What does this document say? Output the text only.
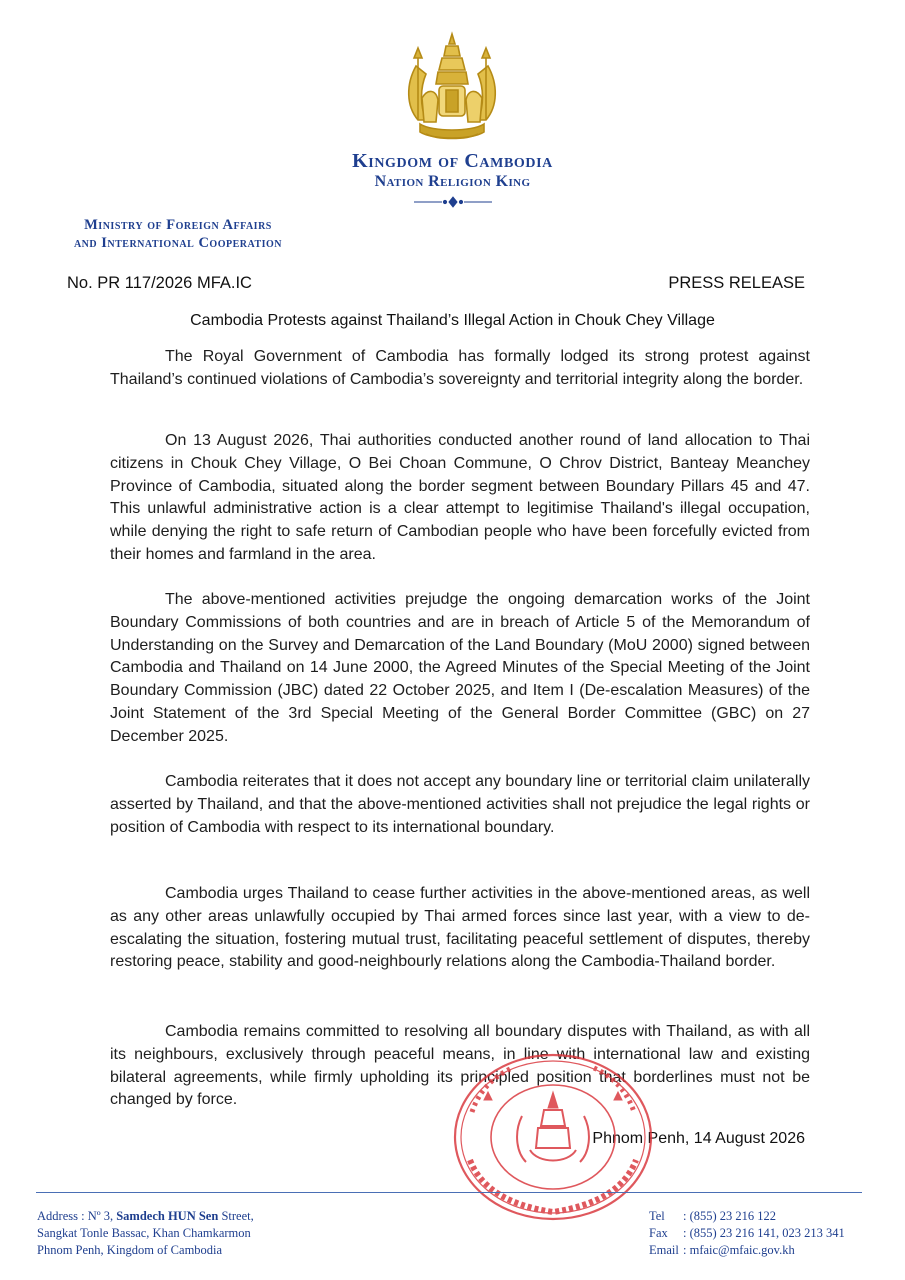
Kingdom of Cambodia
Nation Religion King
Ministry of Foreign Affairs
and International Cooperation
No. PR 117/2026 MFA.IC	PRESS RELEASE
Cambodia Protests against Thailand’s Illegal Action in Chouk Chey Village
The Royal Government of Cambodia has formally lodged its strong protest against Thailand’s continued violations of Cambodia’s sovereignty and territorial integrity along the border.
On 13 August 2026, Thai authorities conducted another round of land allocation to Thai citizens in Chouk Chey Village, O Bei Choan Commune, O Chrov District, Banteay Meanchey Province of Cambodia, situated along the border segment between Boundary Pillars 45 and 47. This unlawful administrative action is a clear attempt to legitimise Thailand's illegal occupation, while denying the right to safe return of Cambodian people who have been forcefully evicted from their homes and farmland in the area.
The above-mentioned activities prejudge the ongoing demarcation works of the Joint Boundary Commissions of both countries and are in breach of Article 5 of the Memorandum of Understanding on the Survey and Demarcation of the Land Boundary (MoU 2000) signed between Cambodia and Thailand on 14 June 2000, the Agreed Minutes of the Special Meeting of the Joint Boundary Commission (JBC) dated 22 October 2025, and Item I (De-escalation Measures) of the Joint Statement of the 3rd Special Meeting of the General Border Committee (GBC) on 27 December 2025.
Cambodia reiterates that it does not accept any boundary line or territorial claim unilaterally asserted by Thailand, and that the above-mentioned activities shall not prejudice the legal rights or position of Cambodia with respect to its international boundary.
Cambodia urges Thailand to cease further activities in the above-mentioned areas, as well as any other areas unlawfully occupied by Thai armed forces since last year, with a view to de-escalating the situation, fostering mutual trust, facilitating peaceful settlement of disputes, thereby restoring peace, stability and good-neighbourly relations along the Cambodia-Thailand border.
Cambodia remains committed to resolving all boundary disputes with Thailand, as with all its neighbours, exclusively through peaceful means, in line with international law and existing bilateral agreements, while firmly upholding its principled position that borderlines must not be changed by force.
Phnom Penh, 14 August 2026
Address : Nº 3, Samdech HUN Sen Street,
Sangkat Tonle Bassac, Khan Chamkarmon
Phnom Penh, Kingdom of Cambodia
Tel : (855) 23 216 122
Fax : (855) 23 216 141, 023 213 341
Email : mfaic@mfaic.gov.kh
